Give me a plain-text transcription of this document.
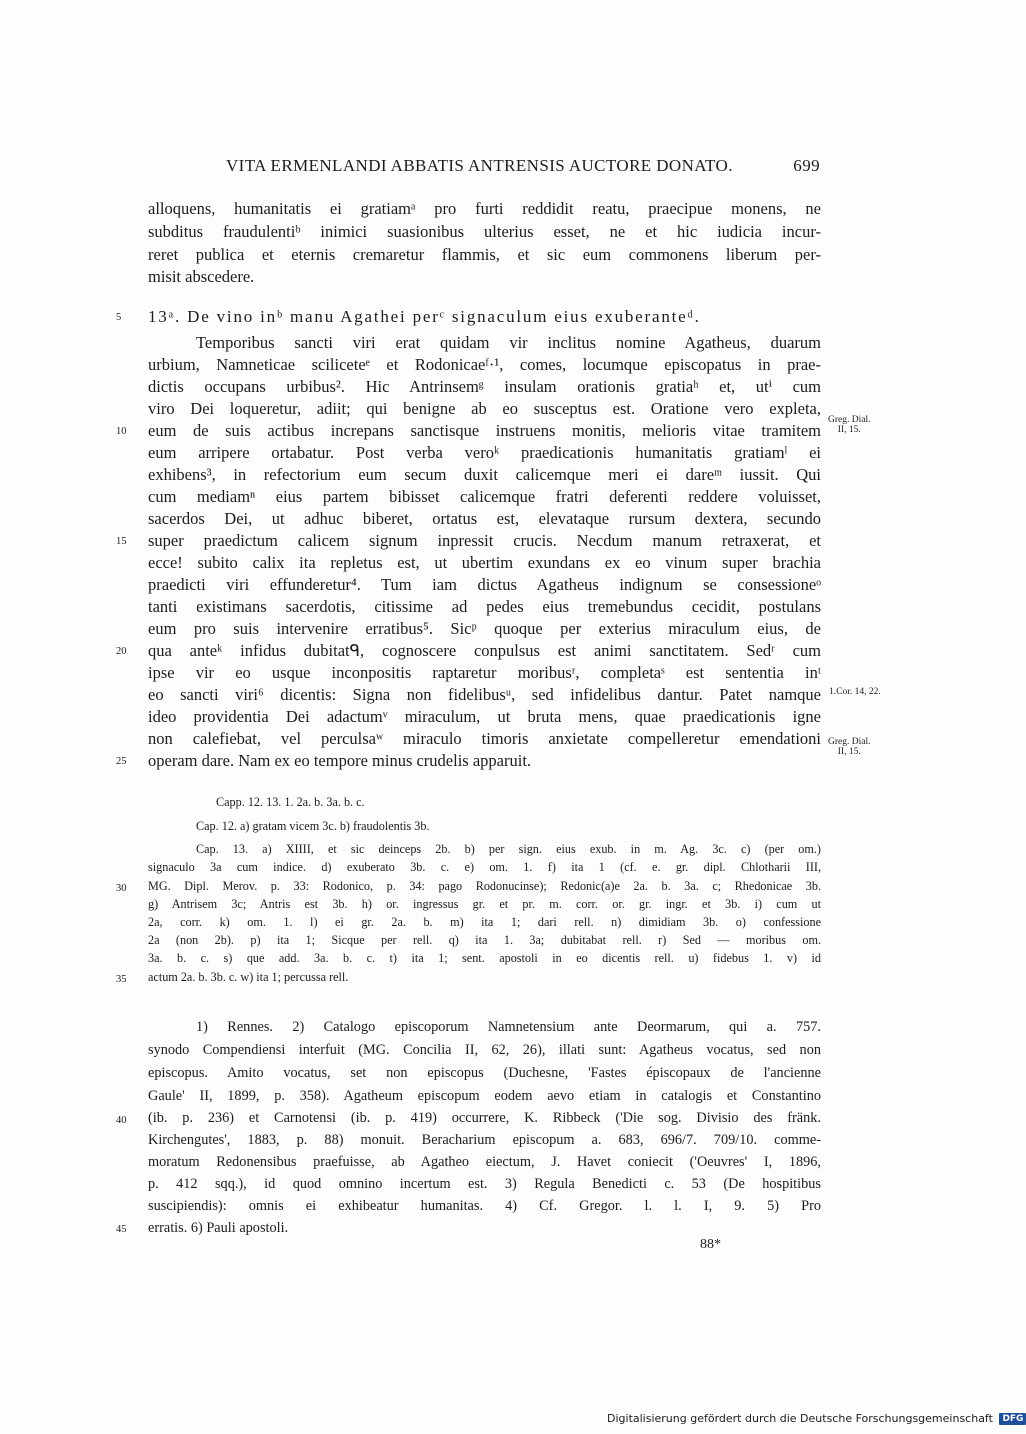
VITA ERMENLANDI ABBATIS ANTRENSIS AUCTORE DONATO.	699
alloquens, humanitatis ei gratiamᵃ pro furti reddidit reatu, praecipue monens, ne
subditus fraudulentiᵇ inimici suasionibus ulterius esset, ne et hic iudicia incur-
reret publica et eternis cremaretur flammis, et sic eum commonens liberum per-
misit abscedere.
13ᵃ. De vino inᵇ manu Agathei perᶜ signaculum eius exuberanteᵈ.
Temporibus sancti viri erat quidam vir inclitus nomine Agatheus, duarum
urbium, Namneticae sciliceteᵉ et Rodonicaeᶠ·¹, comes, locumque episcopatus in prae-
dictis occupans urbibus². Hic Antrinsemᵍ insulam orationis gratiaʰ et, utⁱ cum
viro Dei loqueretur, adiit; qui benigne ab eo susceptus est. Oratione vero expleta,
eum de suis actibus increpans sanctisque instruens monitis, melioris vitae tramitem
eum arripere ortabatur. Post verba veroᵏ praedicationis humanitatis gratiamˡ ei
exhibens³, in refectorium eum secum duxit calicemque meri ei dareᵐ iussit. Qui
cum mediamⁿ eius partem bibisset calicemque fratri deferenti reddere voluisset,
sacerdos Dei, ut adhuc biberet, ortatus est, elevataque rursum dextera, secundo
super praedictum calicem signum inpressit crucis. Necdum manum retraxerat, et
ecce! subito calix ita repletus est, ut ubertim exundans ex eo vinum super brachia
praedicti viri effunderetur⁴. Tum iam dictus Agatheus indignum se consessioneᵒ
tanti existimans sacerdotis, citissime ad pedes eius tremebundus cecidit, postulans
eum pro suis intervenire erratibus⁵. Sicᵖ quoque per exterius miraculum eius, de
qua anteᵏ infidus dubitatᑫ, cognoscere conpulsus est animi sanctitatem. Sedʳ cum
ipse vir eo usque inconpositis raptaretur moribusʳ, completaˢ est sententia inᵗ
eo sancti viri⁶ dicentis: Signa non fidelibusᵘ, sed infidelibus dantur. Patet namque
ideo providentia Dei adactumᵛ miraculum, ut bruta mens, quae praedicationis igne
non calefiebat, vel perculsaʷ miraculo timoris anxietate compelleretur emendationi
operam dare. Nam ex eo tempore minus crudelis apparuit.
5
10
15
20
25
30
35
40
45
Greg. Dial.
II, 15.
1.Cor. 14, 22.
Greg. Dial.
II, 15.
Capp. 12. 13. 1. 2a. b. 3a. b. c.
Cap. 12. a) gratam vicem 3c. b) fraudolentis 3b.
Cap. 13. a) XIIII, et sic deinceps 2b. b) per sign. eius exub. in m. Ag. 3c. c) (per om.)
signaculo 3a cum indice. d) exuberato 3b. c. e) om. 1. f) ita 1 (cf. e. gr. dipl. Chlotharii III,
MG. Dipl. Merov. p. 33: Rodonico, p. 34: pago Rodonucinse); Redonic(a)e 2a. b. 3a. c; Rhedonicae 3b.
g) Antrisem 3c; Antris est 3b. h) or. ingressus gr. et pr. m. corr. or. gr. ingr. et 3b. i) cum ut
2a, corr. k) om. 1. l) ei gr. 2a. b. m) ita 1; dari rell. n) dimidiam 3b. o) confessione
2a (non 2b). p) ita 1; Sicque per rell. q) ita 1. 3a; dubitabat rell. r) Sed — moribus om.
3a. b. c. s) que add. 3a. b. c. t) ita 1; sent. apostoli in eo dicentis rell. u) fidebus 1. v) id
actum 2a. b. 3b. c. w) ita 1; percussa rell.
1) Rennes. 2) Catalogo episcoporum Namnetensium ante Deormarum, qui a. 757.
synodo Compendiensi interfuit (MG. Concilia II, 62, 26), illati sunt: Agatheus vocatus, sed non
episcopus. Amito vocatus, set non episcopus (Duchesne, 'Fastes épiscopaux de l'ancienne
Gaule' II, 1899, p. 358). Agatheum episcopum eodem aevo etiam in catalogis et Constantino
(ib. p. 236) et Carnotensi (ib. p. 419) occurrere, K. Ribbeck ('Die sog. Divisio des fränk.
Kirchengutes', 1883, p. 88) monuit. Beracharium episcopum a. 683, 696/7. 709/10. comme-
moratum Redonensibus praefuisse, ab Agatheo eiectum, J. Havet coniecit ('Oeuvres' I, 1896,
p. 412 sqq.), id quod omnino incertum est. 3) Regula Benedicti c. 53 (De hospitibus
suscipiendis): omnis ei exhibeatur humanitas. 4) Cf. Gregor. l. l. I, 9. 5) Pro
erratis. 6) Pauli apostoli.
88*
Digitalisierung gefördert durch die Deutsche Forschungsgemeinschaft DFG
